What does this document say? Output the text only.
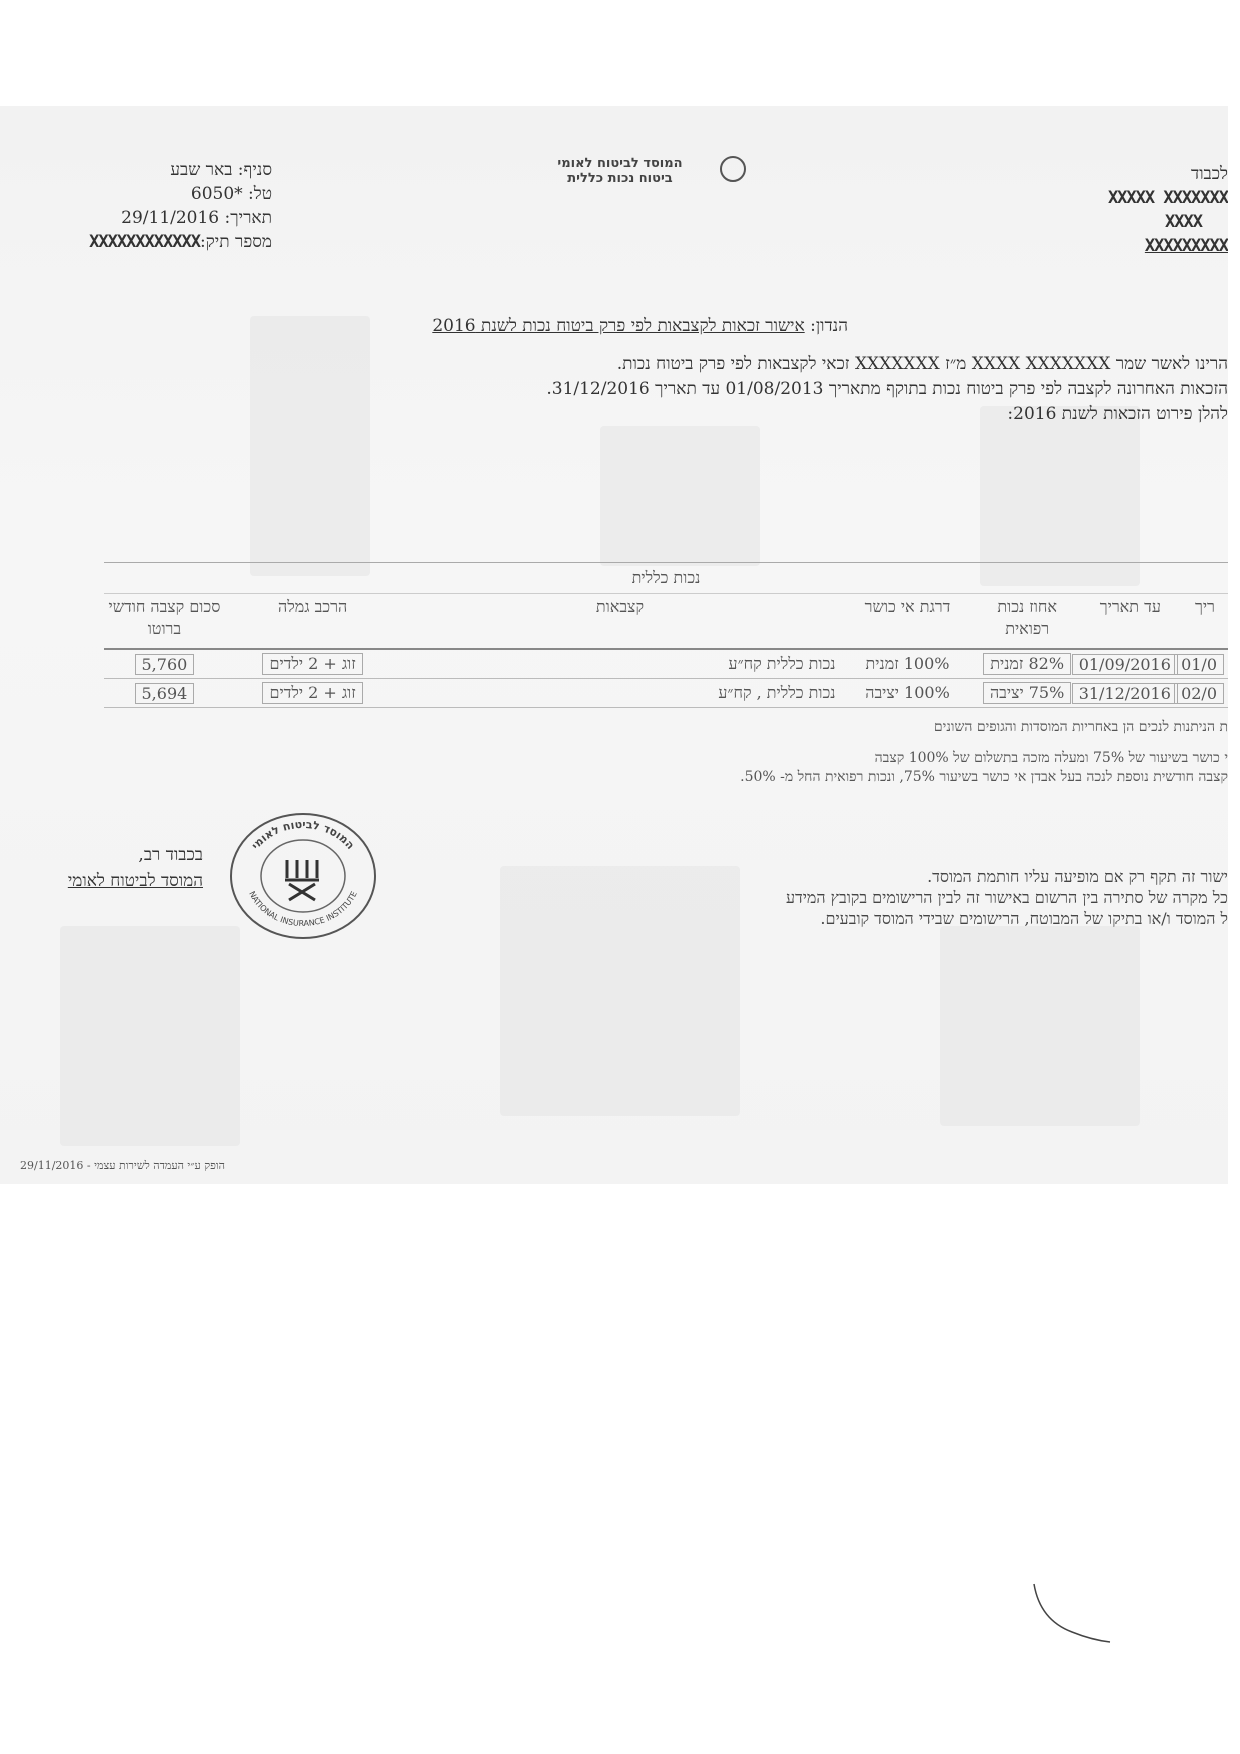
המוסד לביטוח לאומי
ביטוח נכות כללית
סניף: באר שבע
טל: *6050
תאריך: 29/11/2016
מספר תיק:XXXXXXXXXXXX
לכבוד
XXXXX XXXXXXX
XXXX
XXXXXXXXX
הנדון: אישור זכאות לקצבאות לפי פרק ביטוח נכות לשנת 2016
הרינו לאשר שמר XXXX XXXXXXX מ״ז XXXXXXX זכאי לקצבאות לפי פרק ביטוח נכות.
הזכאות האחרונה לקצבה לפי פרק ביטוח נכות בתוקף מתאריך 01/08/2013 עד תאריך 31/12/2016.
להלן פירוט הזכאות לשנת 2016:
נכות כללית						
ריך	עד תאריך	אחוז נכות רפואית	דרגת אי כושר	קצבאות	הרכב גמלה	סכום קצבה חודשי ברוטו
01/0	01/09/2016	82% זמנית	100% זמנית	נכות כללית קח״ע	זוג + 2 ילדים	5,760
02/0	31/12/2016	75% יציבה	100% יציבה	נכות כללית , קח״ע	זוג + 2 ילדים	5,694
ת הניתנות לנכים הן באחריות המוסדות והגופים השונים
י כושר בשיעור של 75% ומעלה מזכה בתשלום של 100% קצבה
קצבה חודשית נוספת לנכה בעל אבדן אי כושר בשיעור 75%, ונכות רפואית החל מ- 50%.
בכבוד רב,
המוסד לביטוח לאומי
המוסד לביטוח לאומי
NATIONAL INSURANCE INSTITUTE
ישור זה תקף רק אם מופיעה עליו חותמת המוסד.
כל מקרה של סתירה בין הרשום באישור זה לבין הרישומים בקובץ המידע
ל המוסד ו/או בתיקו של המבוטח, הרישומים שבידי המוסד קובעים.
הופק ע״י העמדה לשירות עצמי - 29/11/2016
